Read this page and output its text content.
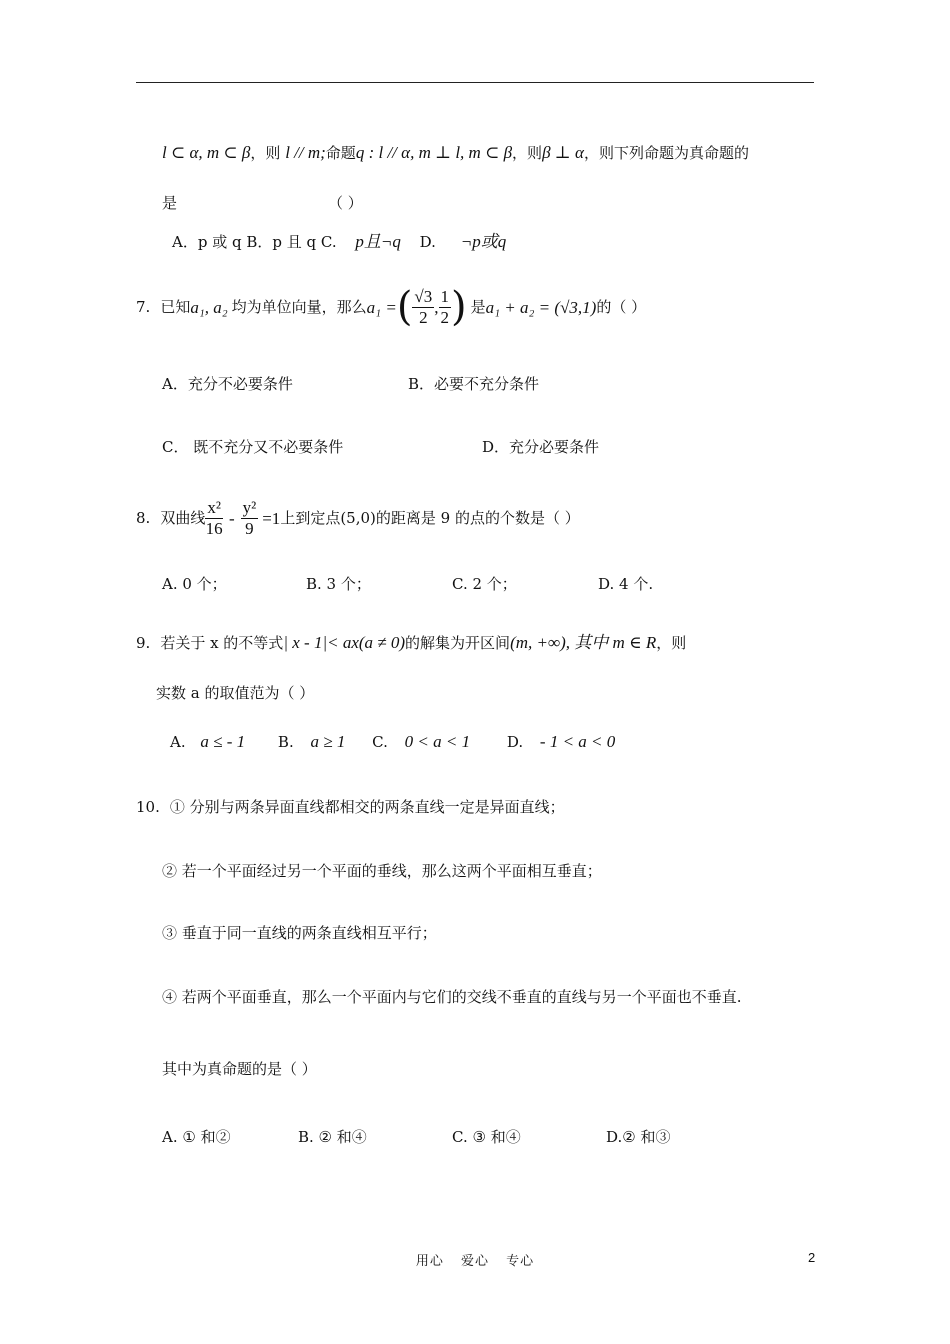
l ⊂ α, m ⊂ β，则 l // m;命题q : l // α, m ⊥ l, m ⊂ β，则β ⊥ α，则下列命题为真命题的
是	（ ）
A．p 或 q B．p 且 q C. p且¬q D. ¬p或q
7. 已知 a₁, a₂ 均为单位向量，那么 a₁ = ( $\frac{√3}{2}$ , $\frac{1}{2}$ ) 是 a₁ + a₂ = (√3,1) 的（ ）
A．充分不必要条件	B．必要不充分条件
C． 既不充分又不必要条件	D．充分必要条件
8. 双曲线 $\frac{\text{x²}}{16} - \frac{\text{y²}}{9} =1$ 上到定点(5,0)的距离是 9 的点的个数是（ ）
A. 0 个；	B. 3 个；	C. 2 个；	D. 4 个.
9. 若关于 x 的不等式| x - 1|< ax(a ≠ 0)的解集为开区间(m, +∞), 其中 m ∈ R，则
实数 a 的取值范为（ ）
A. a ≤ - 1 B. a ≥ 1 C. 0 < a < 1 D. - 1 < a < 0
10. ① 分别与两条异面直线都相交的两条直线一定是异面直线；
② 若一个平面经过另一个平面的垂线，那么这两个平面相互垂直；
③ 垂直于同一直线的两条直线相互平行；
④ 若两个平面垂直，那么一个平面内与它们的交线不垂直的直线与另一个平面也不垂直.
其中为真命题的是（ ）
A. ① 和②	B. ② 和④	C. ③ 和④	D.② 和③
用心 爱心 专心	2
